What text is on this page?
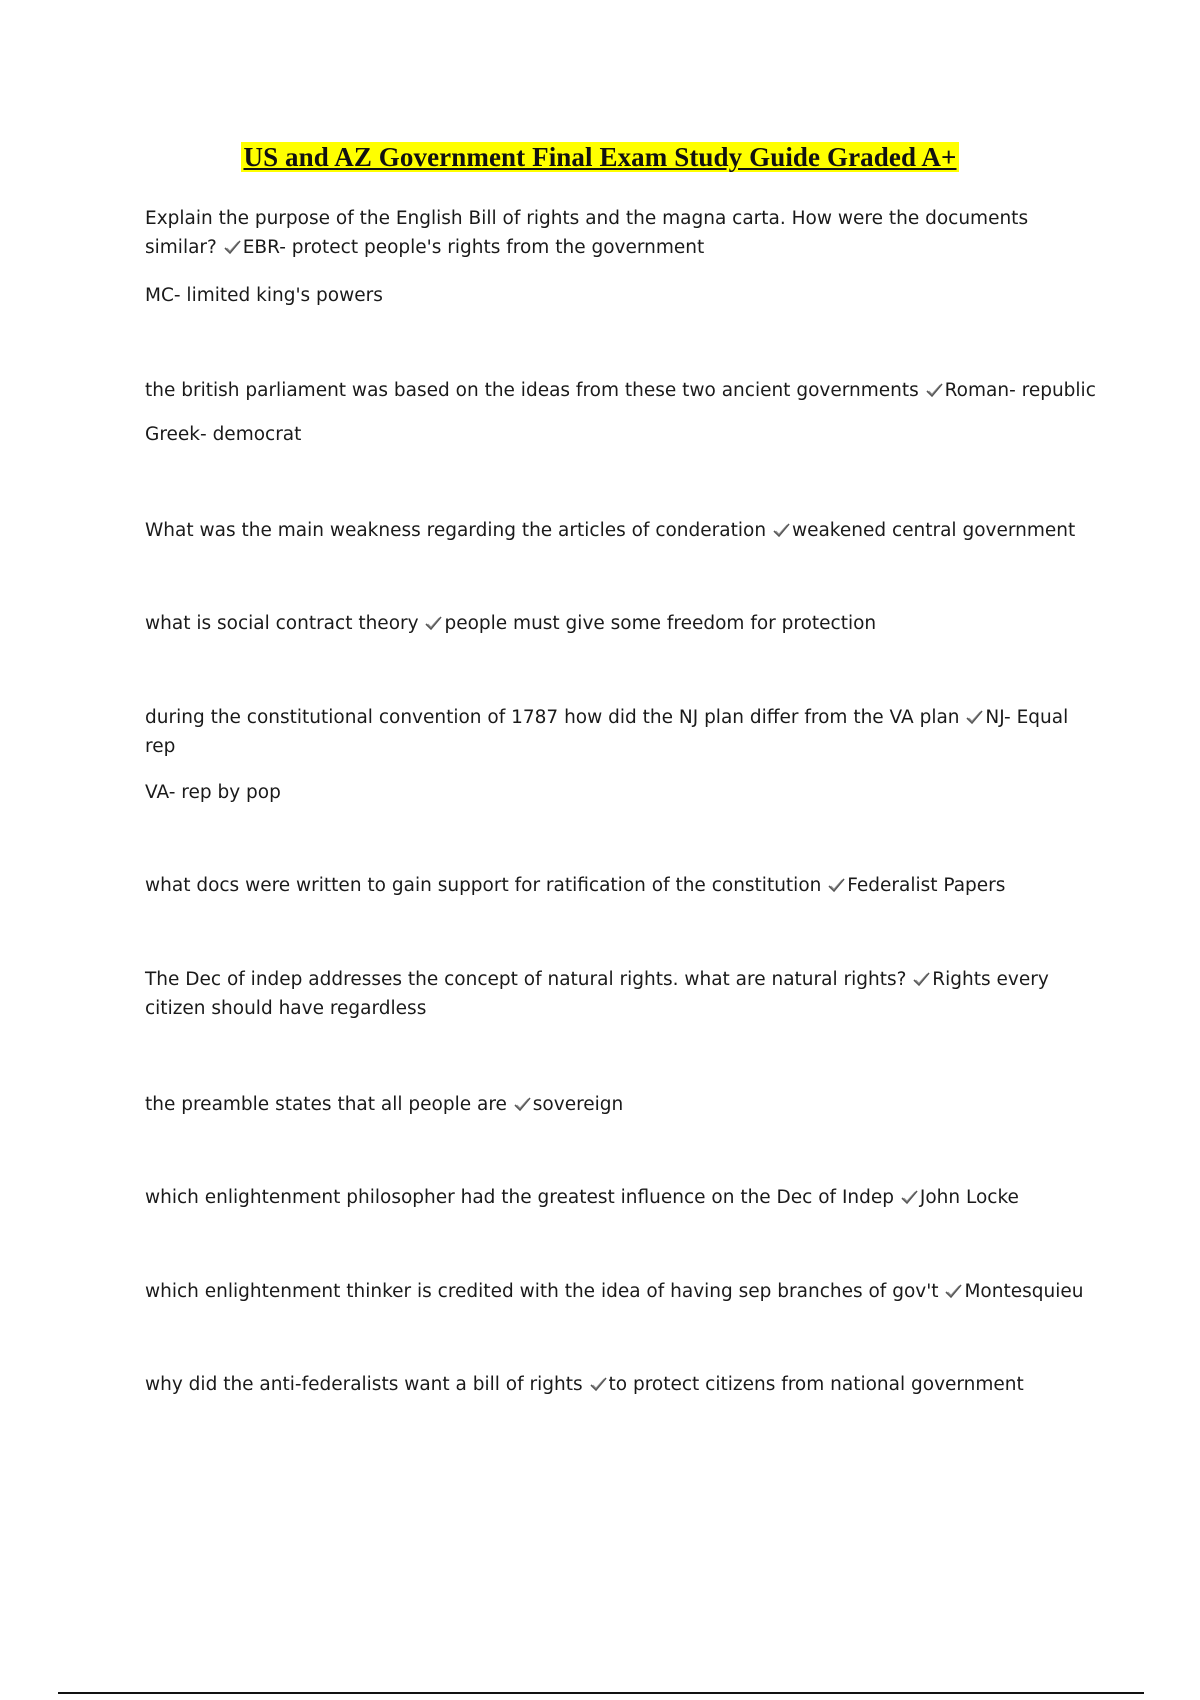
US and AZ Government Final Exam Study Guide Graded A+
Explain the purpose of the English Bill of rights and the magna carta. How were the documents similar? EBR- protect people's rights from the government
MC- limited king's powers
the british parliament was based on the ideas from these two ancient governments Roman- republic
Greek- democrat
What was the main weakness regarding the articles of conderation weakened central government
what is social contract theory people must give some freedom for protection
during the constitutional convention of 1787 how did the NJ plan differ from the VA plan NJ- Equal rep
VA- rep by pop
what docs were written to gain support for ratification of the constitution Federalist Papers
The Dec of indep addresses the concept of natural rights. what are natural rights? Rights every citizen should have regardless
the preamble states that all people are sovereign
which enlightenment philosopher had the greatest influence on the Dec of Indep John Locke
which enlightenment thinker is credited with the idea of having sep branches of gov't Montesquieu
why did the anti-federalists want a bill of rights to protect citizens from national government
